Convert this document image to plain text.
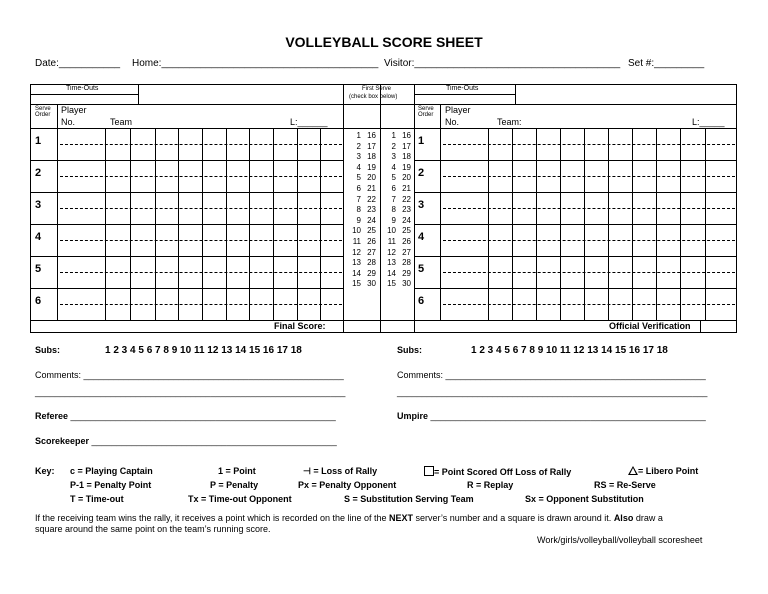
VOLLEYBALL SCORE SHEET
Date:___________ Home:_______________________________________ Visitor:_____________________________________ Set #:_________
Time-Outs	Time-Outs
First Serve
(check box below)
Serve
Order
Serve
Order
Player
No.	Team	L:______
Player
No.	Team:	L:_____
1	1
2	2
3	3
4	4
5	5
6	6
1 16	1 16
2 17	2 17
3 18	3 18
4 19	4 19
5 20	5 20
6 21	6 21
7 22	7 22
8 23	8 23
9 24	9 24
10 25	10 25
11 26	11 26
12 27	12 27
13 28	13 28
14 29	14 29
15 30	15 30
Final Score:	Official Verification
Subs:	1 2 3 4 5 6 7 8 9 10 11 12 13 14 15 16 17 18	Subs:	1 2 3 4 5 6 7 8 9 10 11 12 13 14 15 16 17 18
Comments: ____________________________________________________
______________________________________________________________
Comments: ____________________________________________________
______________________________________________________________
Referee _____________________________________________________	Umpire _______________________________________________________
Scorekeeper _________________________________________________
Key: c = Playing Captain	1 = Point	⊣ = Loss of Rally	= Point Scored Off Loss of Rally	= Libero Point
P-1 = Penalty Point	P = Penalty	Px = Penalty Opponent	R = Replay	RS = Re-Serve
T = Time-out	Tx = Time-out Opponent	S = Substitution Serving Team	Sx = Opponent Substitution
If the receiving team wins the rally, it receives a point which is recorded on the line of the NEXT server’s number and a square is drawn around it. Also draw a
square around the same point on the team’s running score.
Work/girls/volleyball/volleyball scoresheet
